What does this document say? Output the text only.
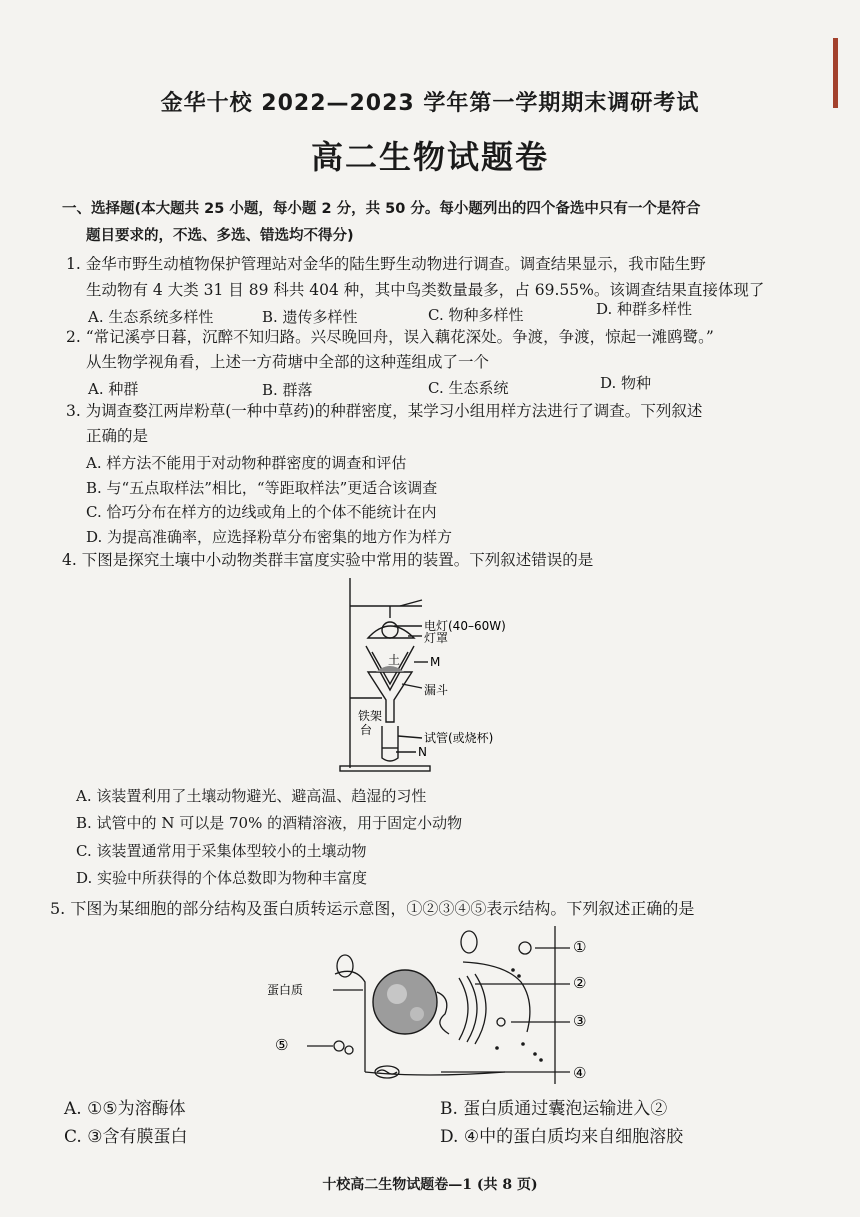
金华十校 2022—2023 学年第一学期期末调研考试
高二生物试题卷
一、选择题(本大题共 25 小题，每小题 2 分，共 50 分。每小题列出的四个备选中只有一个是符合
题目要求的，不选、多选、错选均不得分)
1. 金华市野生动植物保护管理站对金华的陆生野生动物进行调查。调查结果显示，我市陆生野
生动物有 4 大类 31 目 89 科共 404 种，其中鸟类数量最多，占 69.55%。该调查结果直接体现了
A. 生态系统多样性	B. 遗传多样性	C. 物种多样性	D. 种群多样性
2. “常记溪亭日暮，沉醉不知归路。兴尽晚回舟，误入藕花深处。争渡，争渡，惊起一滩鸥鹭。”
从生物学视角看，上述一方荷塘中全部的这种莲组成了一个
A. 种群	B. 群落	C. 生态系统	D. 物种
3. 为调查婺江两岸粉草(一种中草药)的种群密度，某学习小组用样方法进行了调查。下列叙述
正确的是
A. 样方法不能用于对动物种群密度的调查和评估
B. 与“五点取样法”相比，“等距取样法”更适合该调查
C. 恰巧分布在样方的边线或角上的个体不能统计在内
D. 为提高准确率，应选择粉草分布密集的地方作为样方
4. 下图是探究土壤中小动物类群丰富度实验中常用的装置。下列叙述错误的是
电灯(40–60W)
灯罩
土 M
漏斗
铁架
台
试管(或烧杯)
N
A. 该装置利用了土壤动物避光、避高温、趋湿的习性
B. 试管中的 N 可以是 70% 的酒精溶液，用于固定小动物
C. 该装置通常用于采集体型较小的土壤动物
D. 实验中所获得的个体总数即为物种丰富度
5. 下图为某细胞的部分结构及蛋白质转运示意图，①②③④⑤表示结构。下列叙述正确的是
蛋白质
①
②
③
④
⑤
A. ①⑤为溶酶体	B. 蛋白质通过囊泡运输进入②
C. ③含有膜蛋白	D. ④中的蛋白质均来自细胞溶胶
十校高二生物试题卷—1 (共 8 页)
